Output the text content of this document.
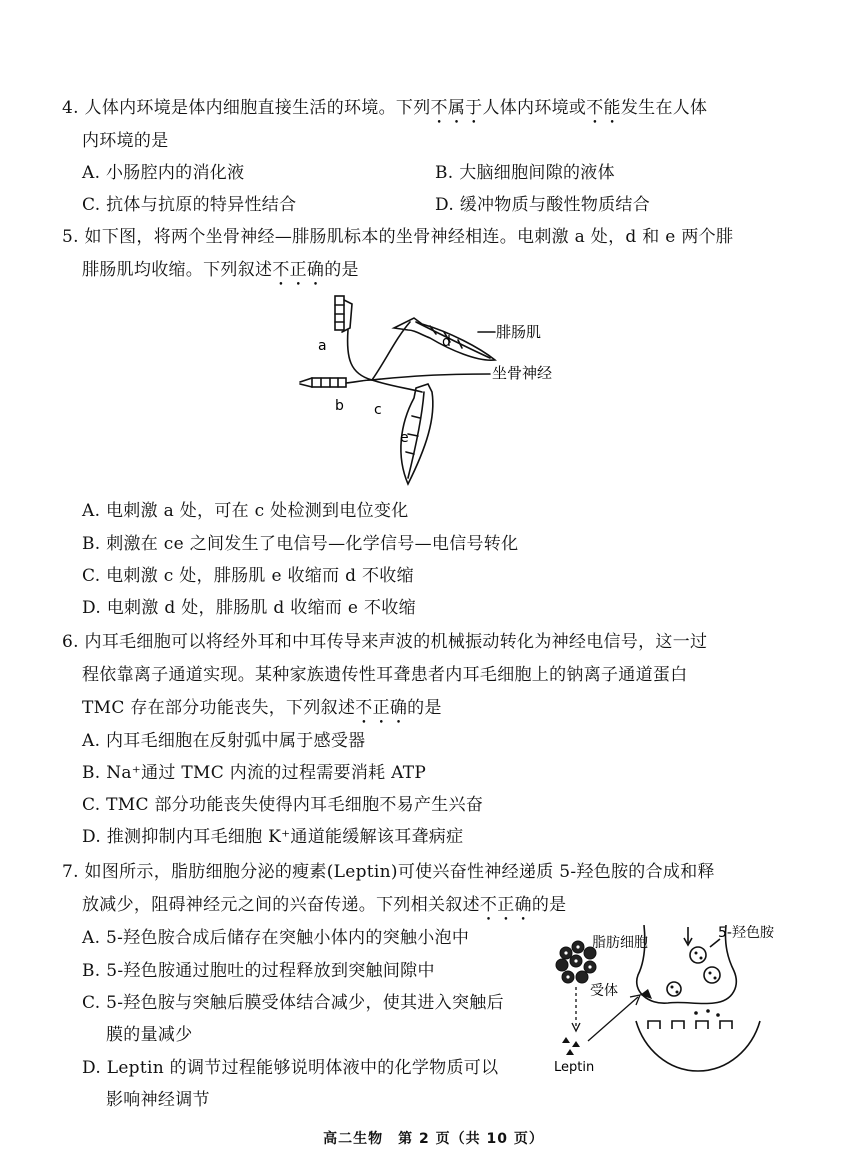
4. 人体内环境是体内细胞直接生活的环境。下列不属于人体内环境或不能发生在人体
内环境的是
A. 小肠腔内的消化液	B. 大脑细胞间隙的液体
C. 抗体与抗原的特异性结合	D. 缓冲物质与酸性物质结合
5. 如下图，将两个坐骨神经—腓肠肌标本的坐骨神经相连。电刺激 a 处，d 和 e 两个腓
腓肠肌均收缩。下列叙述不正确的是
a
b c
d
e
腓肠肌
坐骨神经
A. 电刺激 a 处，可在 c 处检测到电位变化
B. 刺激在 ce 之间发生了电信号—化学信号—电信号转化
C. 电刺激 c 处，腓肠肌 e 收缩而 d 不收缩
D. 电刺激 d 处，腓肠肌 d 收缩而 e 不收缩
6. 内耳毛细胞可以将经外耳和中耳传导来声波的机械振动转化为神经电信号，这一过
程依靠离子通道实现。某种家族遗传性耳聋患者内耳毛细胞上的钠离子通道蛋白
TMC 存在部分功能丧失，下列叙述不正确的是
A. 内耳毛细胞在反射弧中属于感受器
B. Na⁺通过 TMC 内流的过程需要消耗 ATP
C. TMC 部分功能丧失使得内耳毛细胞不易产生兴奋
D. 推测抑制内耳毛细胞 K⁺通道能缓解该耳聋病症
7. 如图所示，脂肪细胞分泌的瘦素(Leptin)可使兴奋性神经递质 5-羟色胺的合成和释
放减少，阻碍神经元之间的兴奋传递。下列相关叙述不正确的是
A. 5-羟色胺合成后储存在突触小体内的突触小泡中
B. 5-羟色胺通过胞吐的过程释放到突触间隙中
C. 5-羟色胺与突触后膜受体结合减少，使其进入突触后
膜的量减少
D. Leptin 的调节过程能够说明体液中的化学物质可以
影响神经调节
脂肪细胞
Leptin
受体
5-羟色胺
高二生物　第 2 页（共 10 页）
